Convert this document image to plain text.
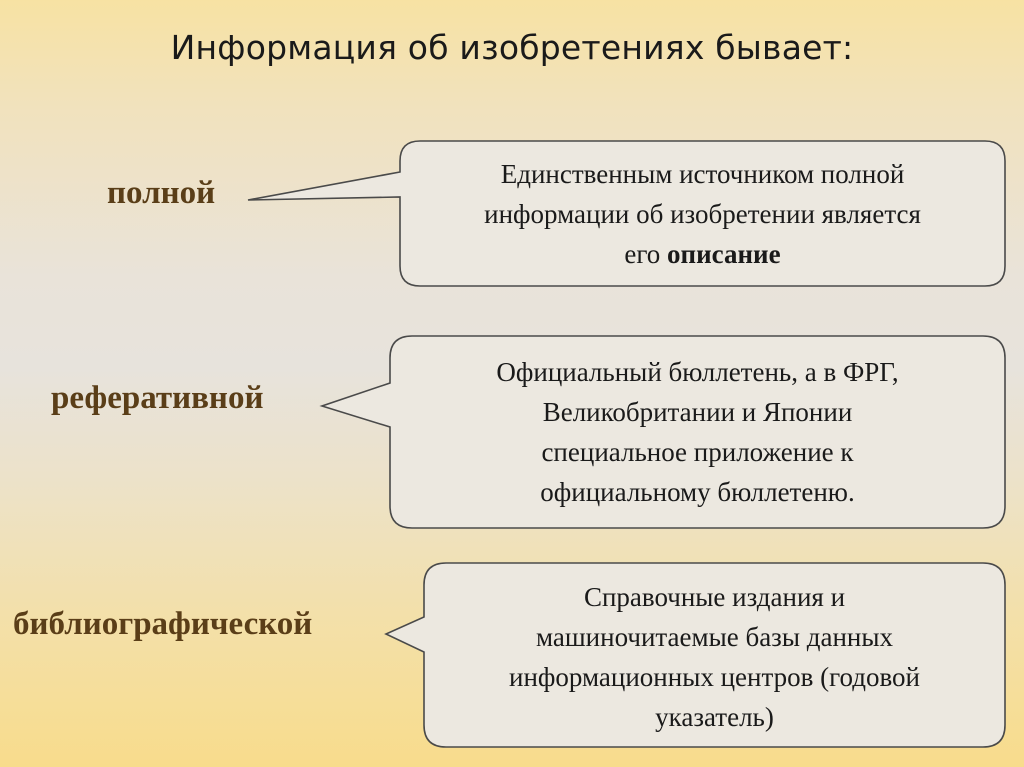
Информация об изобретениях бывает:
полной
реферативной
библиографической
Единственным источником полной
информации об изобретении является
его описание
Официальный бюллетень, а в ФРГ,
Великобритании и Японии
специальное приложение к
официальному бюллетеню.
Справочные издания и
машиночитаемые базы данных
информационных центров (годовой
указатель)
